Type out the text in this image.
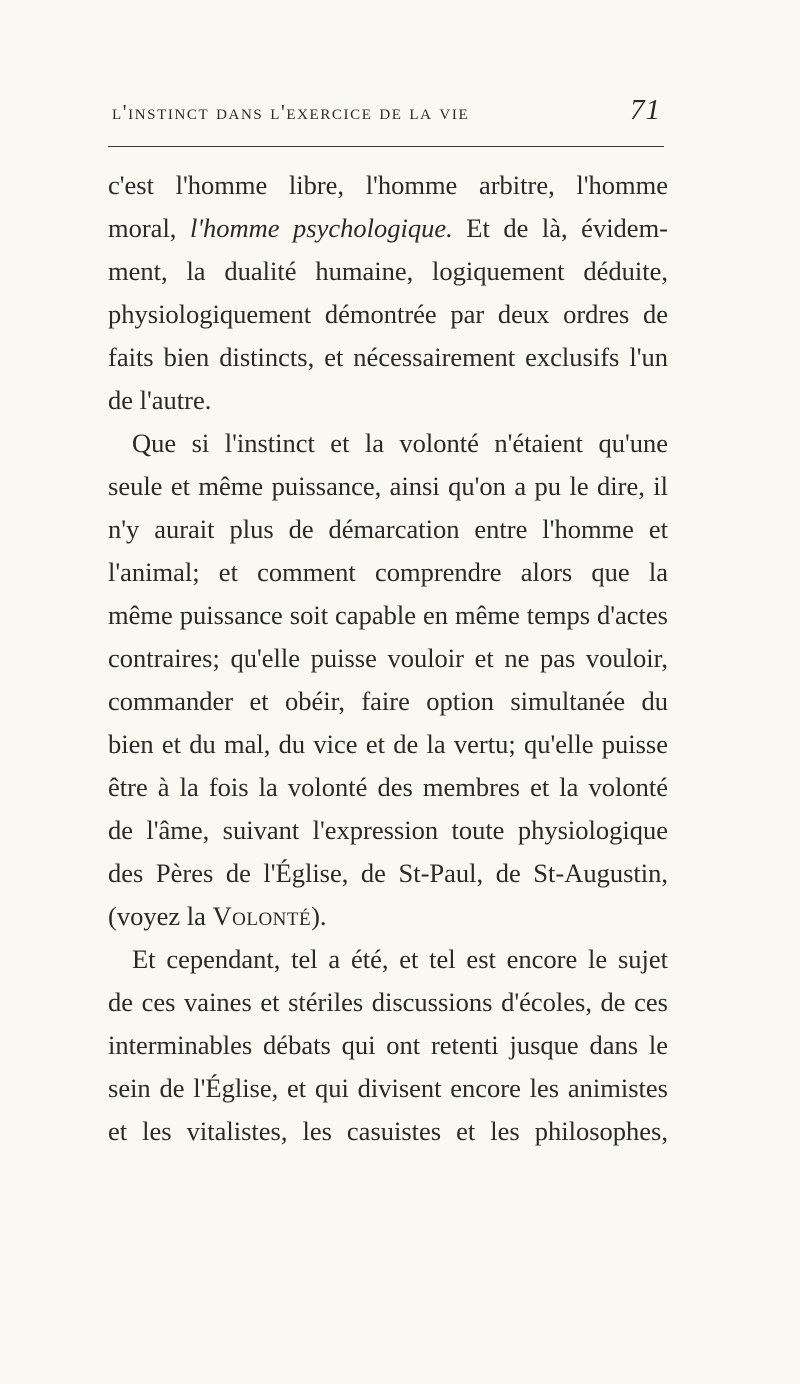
l'instinct dans l'exercice de la vie	71
c'est l'homme libre, l'homme arbitre, l'homme
moral, l'homme psychologique. Et de là, évidem-
ment, la dualité humaine, logiquement déduite,
physiologiquement démontrée par deux ordres de
faits bien distincts, et nécessairement exclusifs l'un
de l'autre.
Que si l'instinct et la volonté n'étaient qu'une
seule et même puissance, ainsi qu'on a pu le dire, il
n'y aurait plus de démarcation entre l'homme et
l'animal; et comment comprendre alors que la
même puissance soit capable en même temps d'actes
contraires; qu'elle puisse vouloir et ne pas vouloir,
commander et obéir, faire option simultanée du
bien et du mal, du vice et de la vertu; qu'elle puisse
être à la fois la volonté des membres et la volonté
de l'âme, suivant l'expression toute physiologique
des Pères de l'Église, de St-Paul, de St-Augustin,
(voyez la Volonté).
Et cependant, tel a été, et tel est encore le sujet
de ces vaines et stériles discussions d'écoles, de ces
interminables débats qui ont retenti jusque dans le
sein de l'Église, et qui divisent encore les animistes
et les vitalistes, les casuistes et les philosophes,
